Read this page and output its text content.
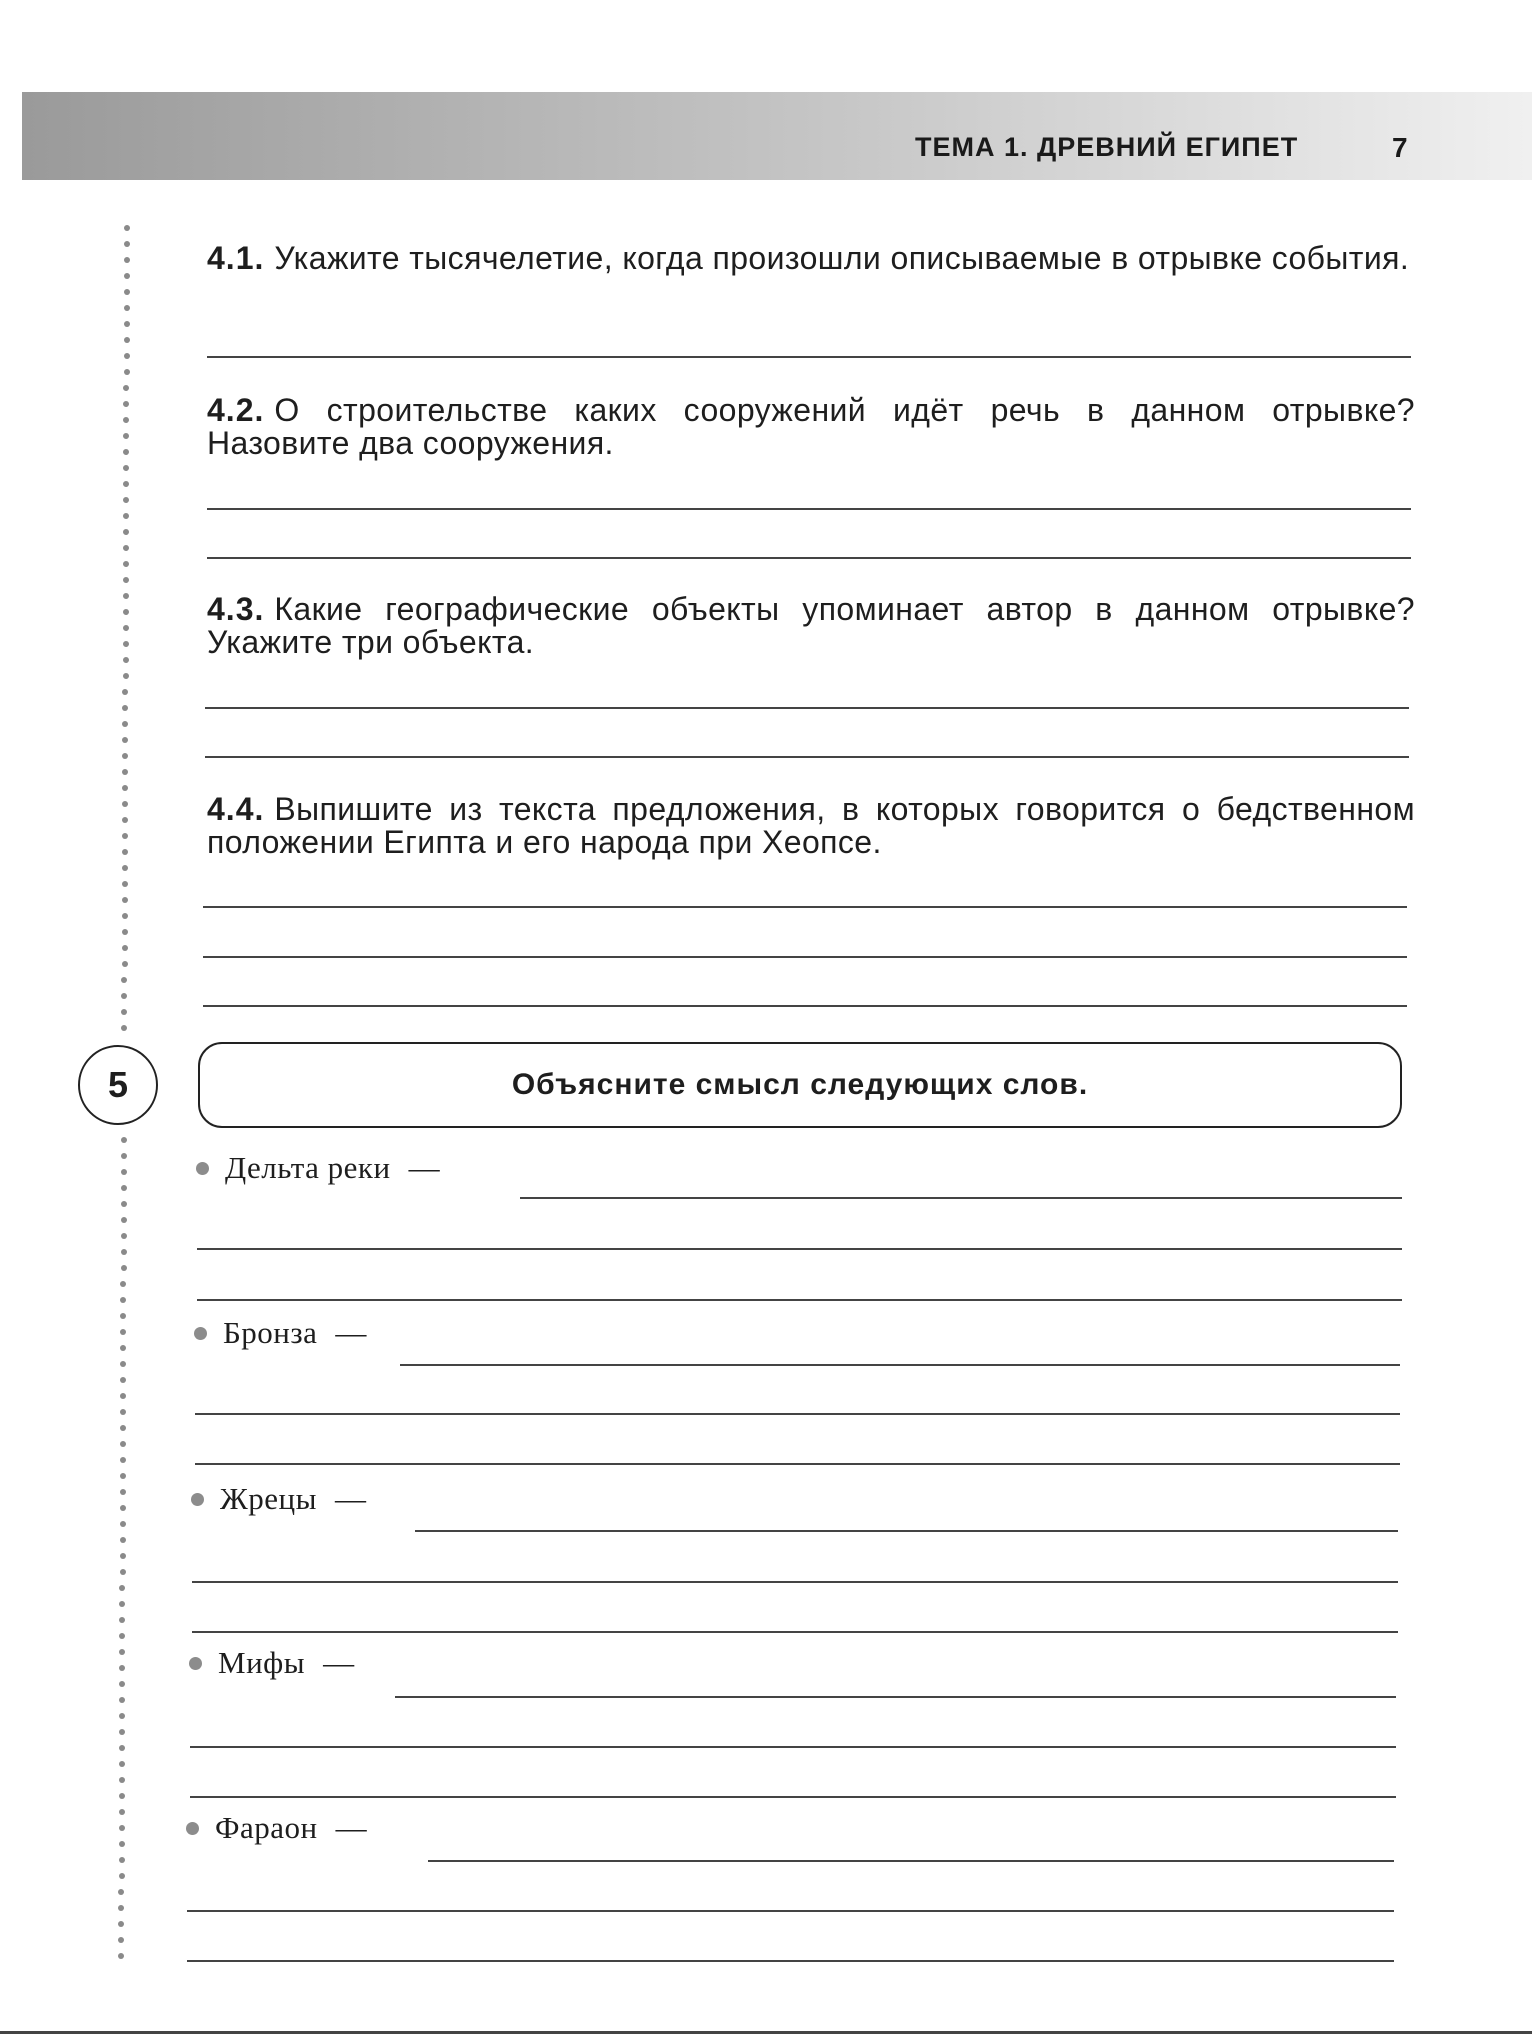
ТЕМА 1. ДРЕВНИЙ ЕГИПЕТ	7

4.1. Укажите тысячелетие, когда произошли описываемые в отрывке события.

4.2. О строительстве каких сооружений идёт речь в данном отрывке? Назовите два сооружения.

4.3. Какие географические объекты упоминает автор в данном отрывке? Укажите три объекта.

4.4. Выпишите из текста предложения, в которых говорится о бедственном положении Египта и его народа при Хеопсе.

5	Объясните смысл следующих слов.
Дельта реки —
Бронза —
Жрецы —
Мифы —
Фараон —
